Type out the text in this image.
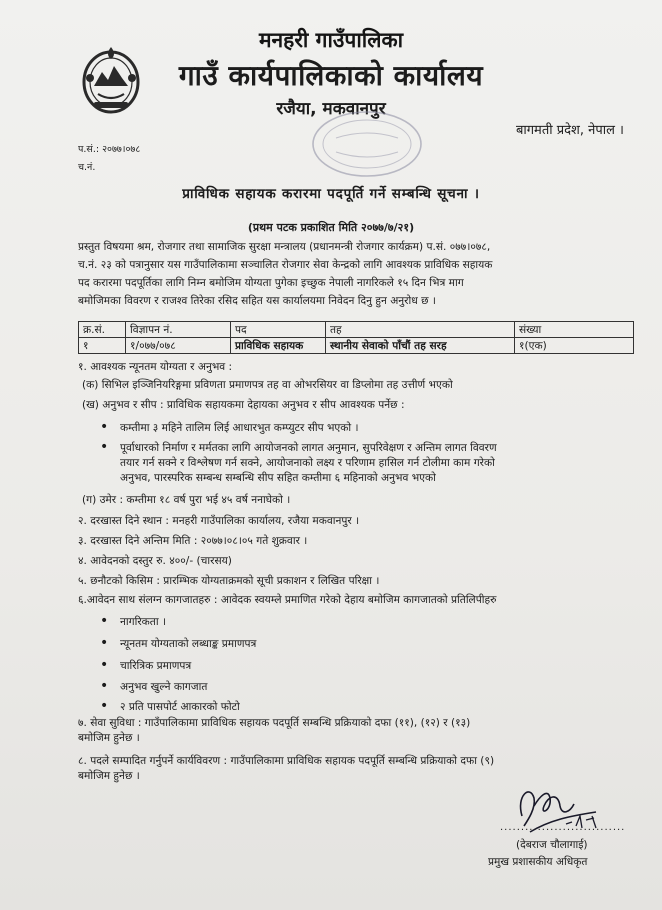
मनहरी गाउँपालिका
गाउँ कार्यपालिकाको कार्यालय
रजैया, मकवानपुर
बागमती प्रदेश, नेपाल ।
प.सं.: २०७७।०७८
च.नं.
प्राविधिक सहायक करारमा पदपूर्ति गर्ने सम्बन्धि सूचना ।
(प्रथम पटक प्रकाशित मिति २०७७/७/२१)
प्रस्तुत विषयमा श्रम, रोजगार तथा सामाजिक सुरक्षा मन्त्रालय (प्रधानमन्त्री रोजगार कार्यक्रम) प.सं. ०७७।०७८,
च.नं. २३ को पत्रानुसार यस गाउँपालिकामा सञ्चालित रोजगार सेवा केन्द्रको लागि आवश्यक प्राविधिक सहायक
पद करारमा पदपूर्तिका लागि निम्न बमोजिम योग्यता पुगेका इच्छुक नेपाली नागरिकले १५ दिन भित्र माग
बमोजिमका विवरण र राजश्व तिरेका रसिद सहित यस कार्यालयमा निवेदन दिनु हुन अनुरोध छ ।
क्र.सं.	विज्ञापन नं.	पद	तह	संख्या
१	१/०७७/०७८	प्राविधिक सहायक	स्थानीय सेवाको पाँचौं तह सरह	१(एक)
१. आवश्यक न्यूनतम योग्यता र अनुभव :
(क) सिभिल इञ्जिनियरिङ्गमा प्रविणता प्रमाणपत्र तह वा ओभरसियर वा डिप्लोमा तह उत्तीर्ण भएको
(ख) अनुभव र सीप : प्राविधिक सहायकमा देहायका अनुभव र सीप आवश्यक पर्नेछ :
• कम्तीमा ३ महिने तालिम लिई आधारभुत कम्प्युटर सीप भएको ।
• पूर्वाधारको निर्माण र मर्मतका लागि आयोजनको लागत अनुमान, सुपरिवेक्षण र अन्तिम लागत विवरण
तयार गर्न सक्ने र विश्लेषण गर्न सक्ने, आयोजनाको लक्ष्य र परिणाम हासिल गर्न टोलीमा काम गरेको
अनुभव, पारस्परिक सम्बन्ध सम्बन्धि सीप सहित कम्तीमा ६ महिनाको अनुभव भएको
(ग) उमेर : कम्तीमा १८ वर्ष पुरा भई ४५ वर्ष ननाघेको ।
२. दरखास्त दिने स्थान : मनहरी गाउँपालिका कार्यालय, रजैया मकवानपुर ।
३. दरखास्त दिने अन्तिम मिति : २०७७।०८।०५ गते शुक्रवार ।
४. आवेदनको दस्तुर रु. ४००/- (चारसय)
५. छनौटको किसिम : प्रारम्भिक योग्यताक्रमको सूची प्रकाशन र लिखित परिक्षा ।
६.आवेदन साथ संलग्न कागजातहरु : आवेदक स्वयम्ले प्रमाणित गरेको देहाय बमोजिम कागजातको प्रतिलिपीहरु
• नागरिकता ।
• न्यूनतम योग्यताको लब्धाङ्क प्रमाणपत्र
• चारित्रिक प्रमाणपत्र
• अनुभव खुल्ने कागजात
• २ प्रति पासपोर्ट आकारको फोटो
७. सेवा सुविधा : गाउँपालिकामा प्राविधिक सहायक पदपूर्ति सम्बन्धि प्रक्रियाको दफा (११), (१२) र (१३)
बमोजिम हुनेछ ।
८. पदले सम्पादित गर्नुपर्ने कार्यविवरण : गाउँपालिकामा प्राविधिक सहायक पदपूर्ति सम्बन्धि प्रक्रियाको दफा (९)
बमोजिम हुनेछ ।
..............................
(देबराज चौलागाई)
प्रमुख प्रशासकीय अधिकृत
